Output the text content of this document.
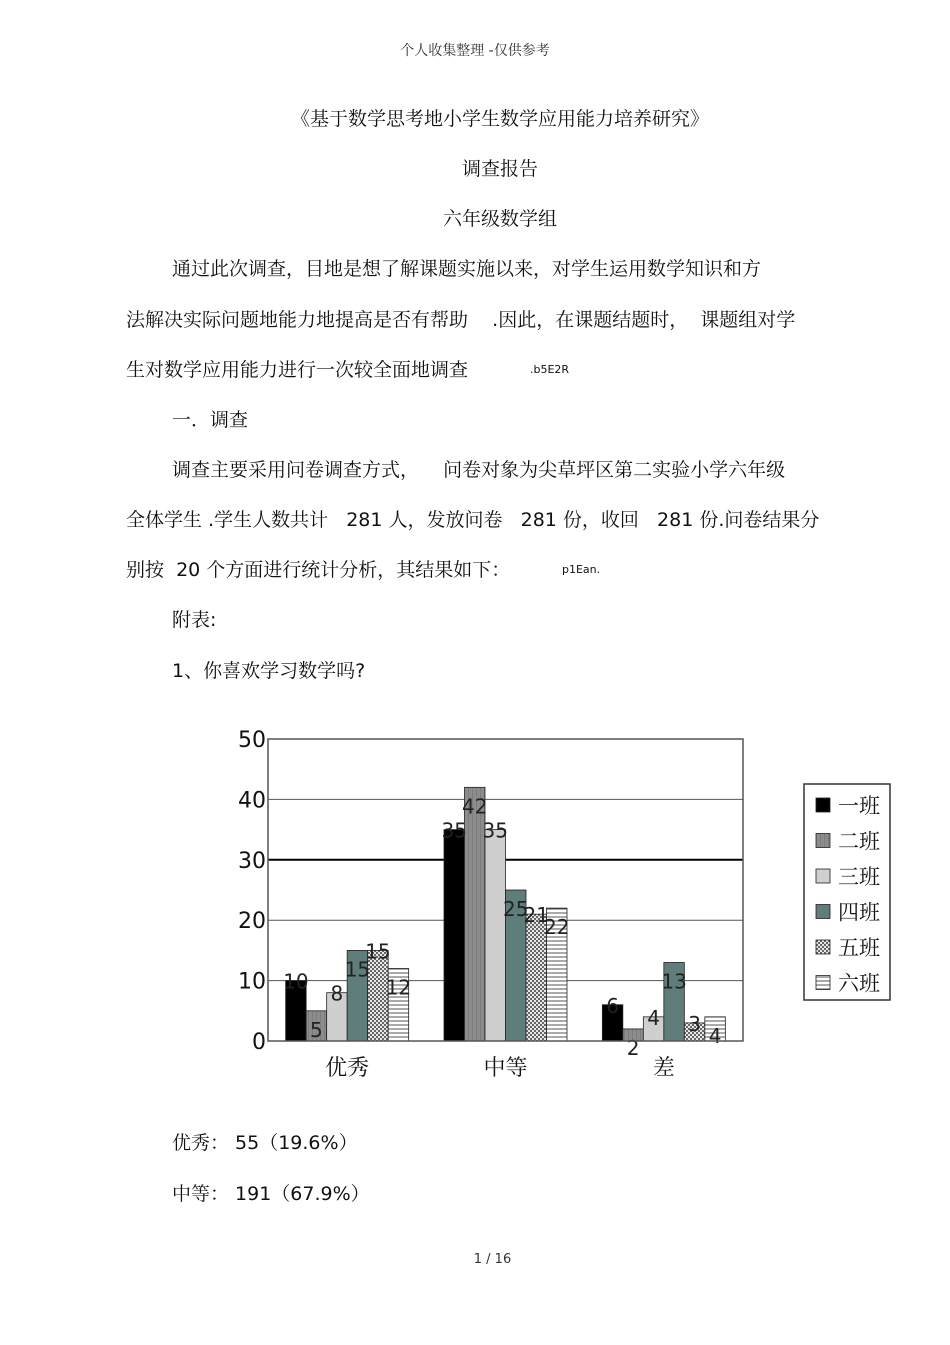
个人收集整理 -仅供参考
《基于数学思考地小学生数学应用能力培养研究》
调查报告
六年级数学组
通过此次调查，目地是想了解课题实施以来，对学生运用数学知识和方
法解决实际问题地能力地提高是否有帮助    .因此，在课题结题时，  课题组对学
生对数学应用能力进行一次较全面地调查	.b5E2R
一．调查
调查主要采用问卷调查方式，    问卷对象为尖草坪区第二实验小学六年级
全体学生 .学生人数共计   281 人，发放问卷   281 份，收回   281 份.问卷结果分
别按  20 个方面进行统计分析，其结果如下：	p1Ean.
附表:
1、你喜欢学习数学吗?
10
5
8
15
15
12
35
42
35
25
21
22
6
2
4
13
3 4
0
10
20
30
40
50
优秀	中等	差
一班
二班
三班
四班
五班
六班
优秀： 55（19.6%）
中等： 191（67.9%）
1 / 16
